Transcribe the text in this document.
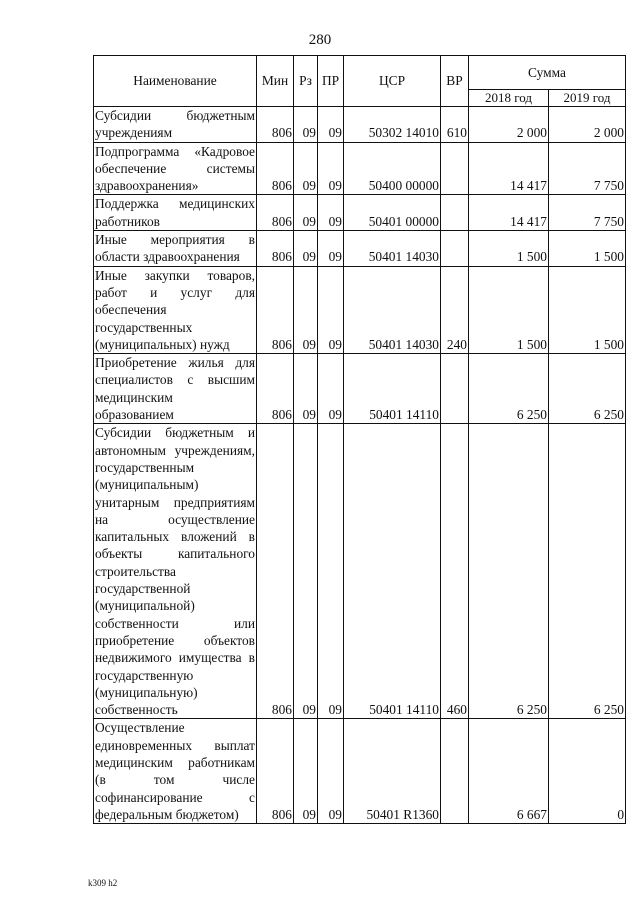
280
Наименование	Мин	Рз	ПР	ЦСР	ВР	Сумма	
						2018 год	2019 год
Субсидии бюджетным учреждениям	806	09	09	50302 14010	610	2 000	2 000
Подпрограмма «Кадровое обеспечение системы здравоохранения»	806	09	09	50400 00000		14 417	7 750
Поддержка медицинских работников	806	09	09	50401 00000		14 417	7 750
Иные мероприятия в области здравоохранения	806	09	09	50401 14030		1 500	1 500
Иные закупки товаров, работ и услуг для обеспечения государственных (муниципальных) нужд	806	09	09	50401 14030	240	1 500	1 500
Приобретение жилья для специалистов с высшим медицинским образованием	806	09	09	50401 14110		6 250	6 250
Субсидии бюджетным и автономным учреждениям, государственным (муниципальным) унитарным предприятиям на осуществление капитальных вложений в объекты капитального строительства государственной (муниципальной) собственности или приобретение объектов недвижимого имущества в государственную (муниципальную) собственность	806	09	09	50401 14110	460	6 250	6 250
Осуществление единовременных выплат медицинским работникам (в том числе софинансирование с федеральным бюджетом)	806	09	09	50401 R1360		6 667	0
k309 h2
